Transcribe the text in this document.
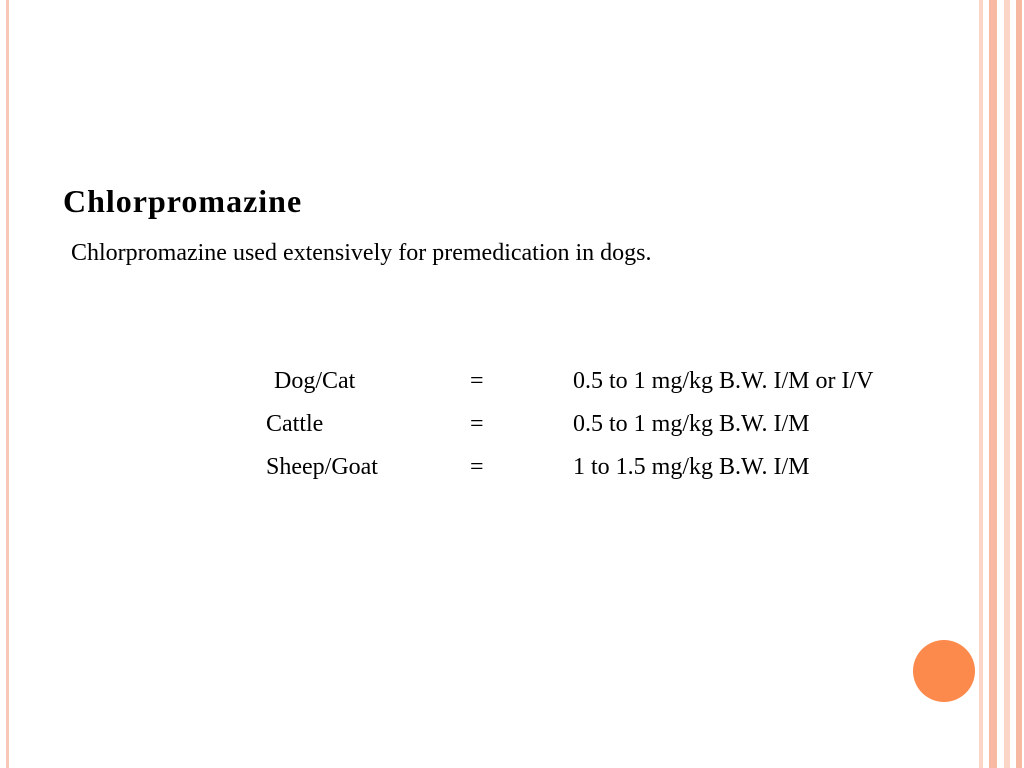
Chlorpromazine
Chlorpromazine used extensively for premedication in dogs.
Dog/Cat	=	0.5 to 1 mg/kg B.W. I/M or I/V
Cattle	=	0.5 to 1 mg/kg B.W. I/M
Sheep/Goat	=	1 to 1.5 mg/kg B.W. I/M
